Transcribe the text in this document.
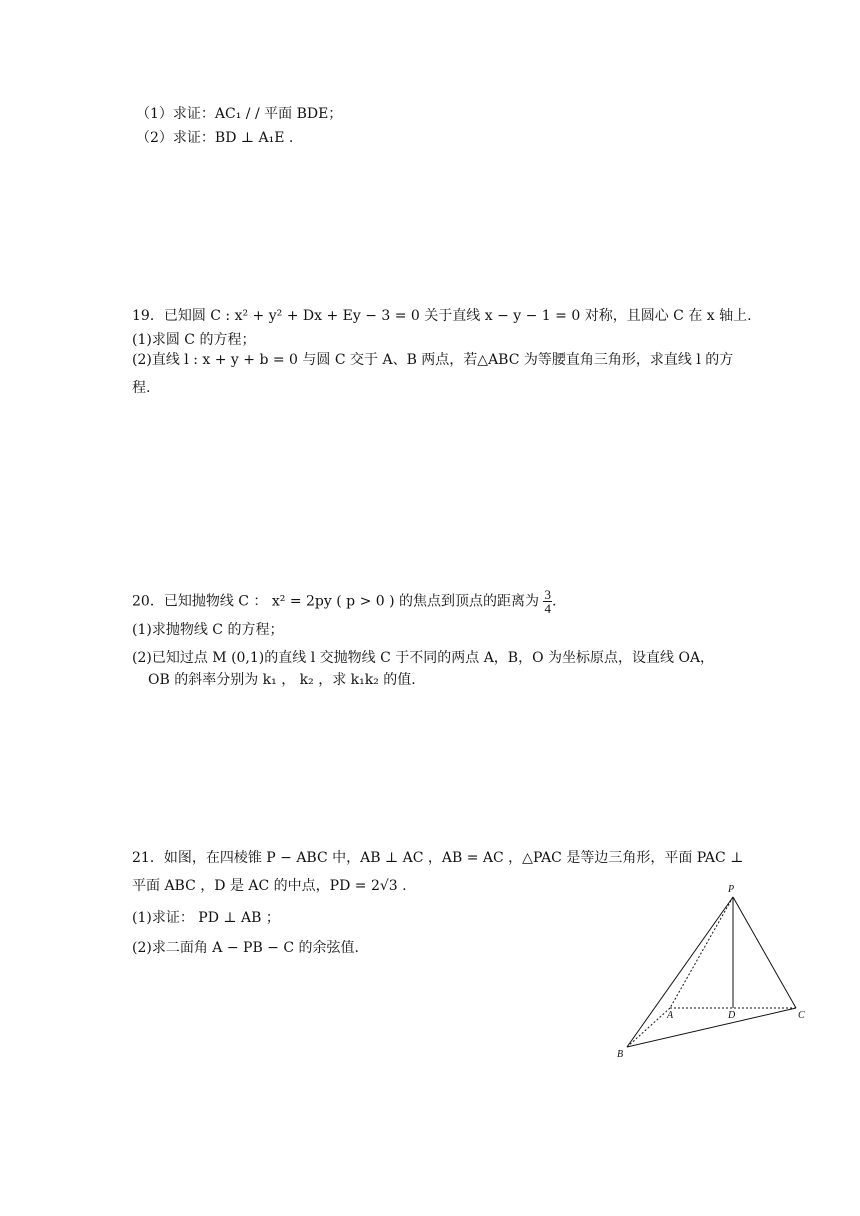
（1）求证：AC₁ / / 平面 BDE；
（2）求证：BD ⊥ A₁E .
19．已知圆 C : x² + y² + Dx + Ey − 3 = 0 关于直线 x − y − 1 = 0 对称，且圆心 C 在 x 轴上.
(1)求圆 C 的方程；
(2)直线 l : x + y + b = 0 与圆 C 交于 A、B 两点，若△ABC 为等腰直角三角形，求直线 l 的方
程.
20．已知抛物线 C ： x² = 2py ( p > 0 ) 的焦点到顶点的距离为 $\frac{3}{4}$ .
(1)求抛物线 C 的方程；
(2)已知过点 M (0,1)的直线 l 交抛物线 C 于不同的两点 A，B，O 为坐标原点，设直线 OA，
OB 的斜率分别为 k₁ ， k₂ ，求 k₁k₂ 的值.
21．如图，在四棱锥 P − ABC 中，AB ⊥ AC ，AB = AC ，△PAC 是等边三角形，平面 PAC ⊥
平面 ABC ，D 是 AC 的中点，PD = 2√3 .
(1)求证： PD ⊥ AB ；
(2)求二面角 A − PB − C 的余弦值.
P
A	D	C
B
